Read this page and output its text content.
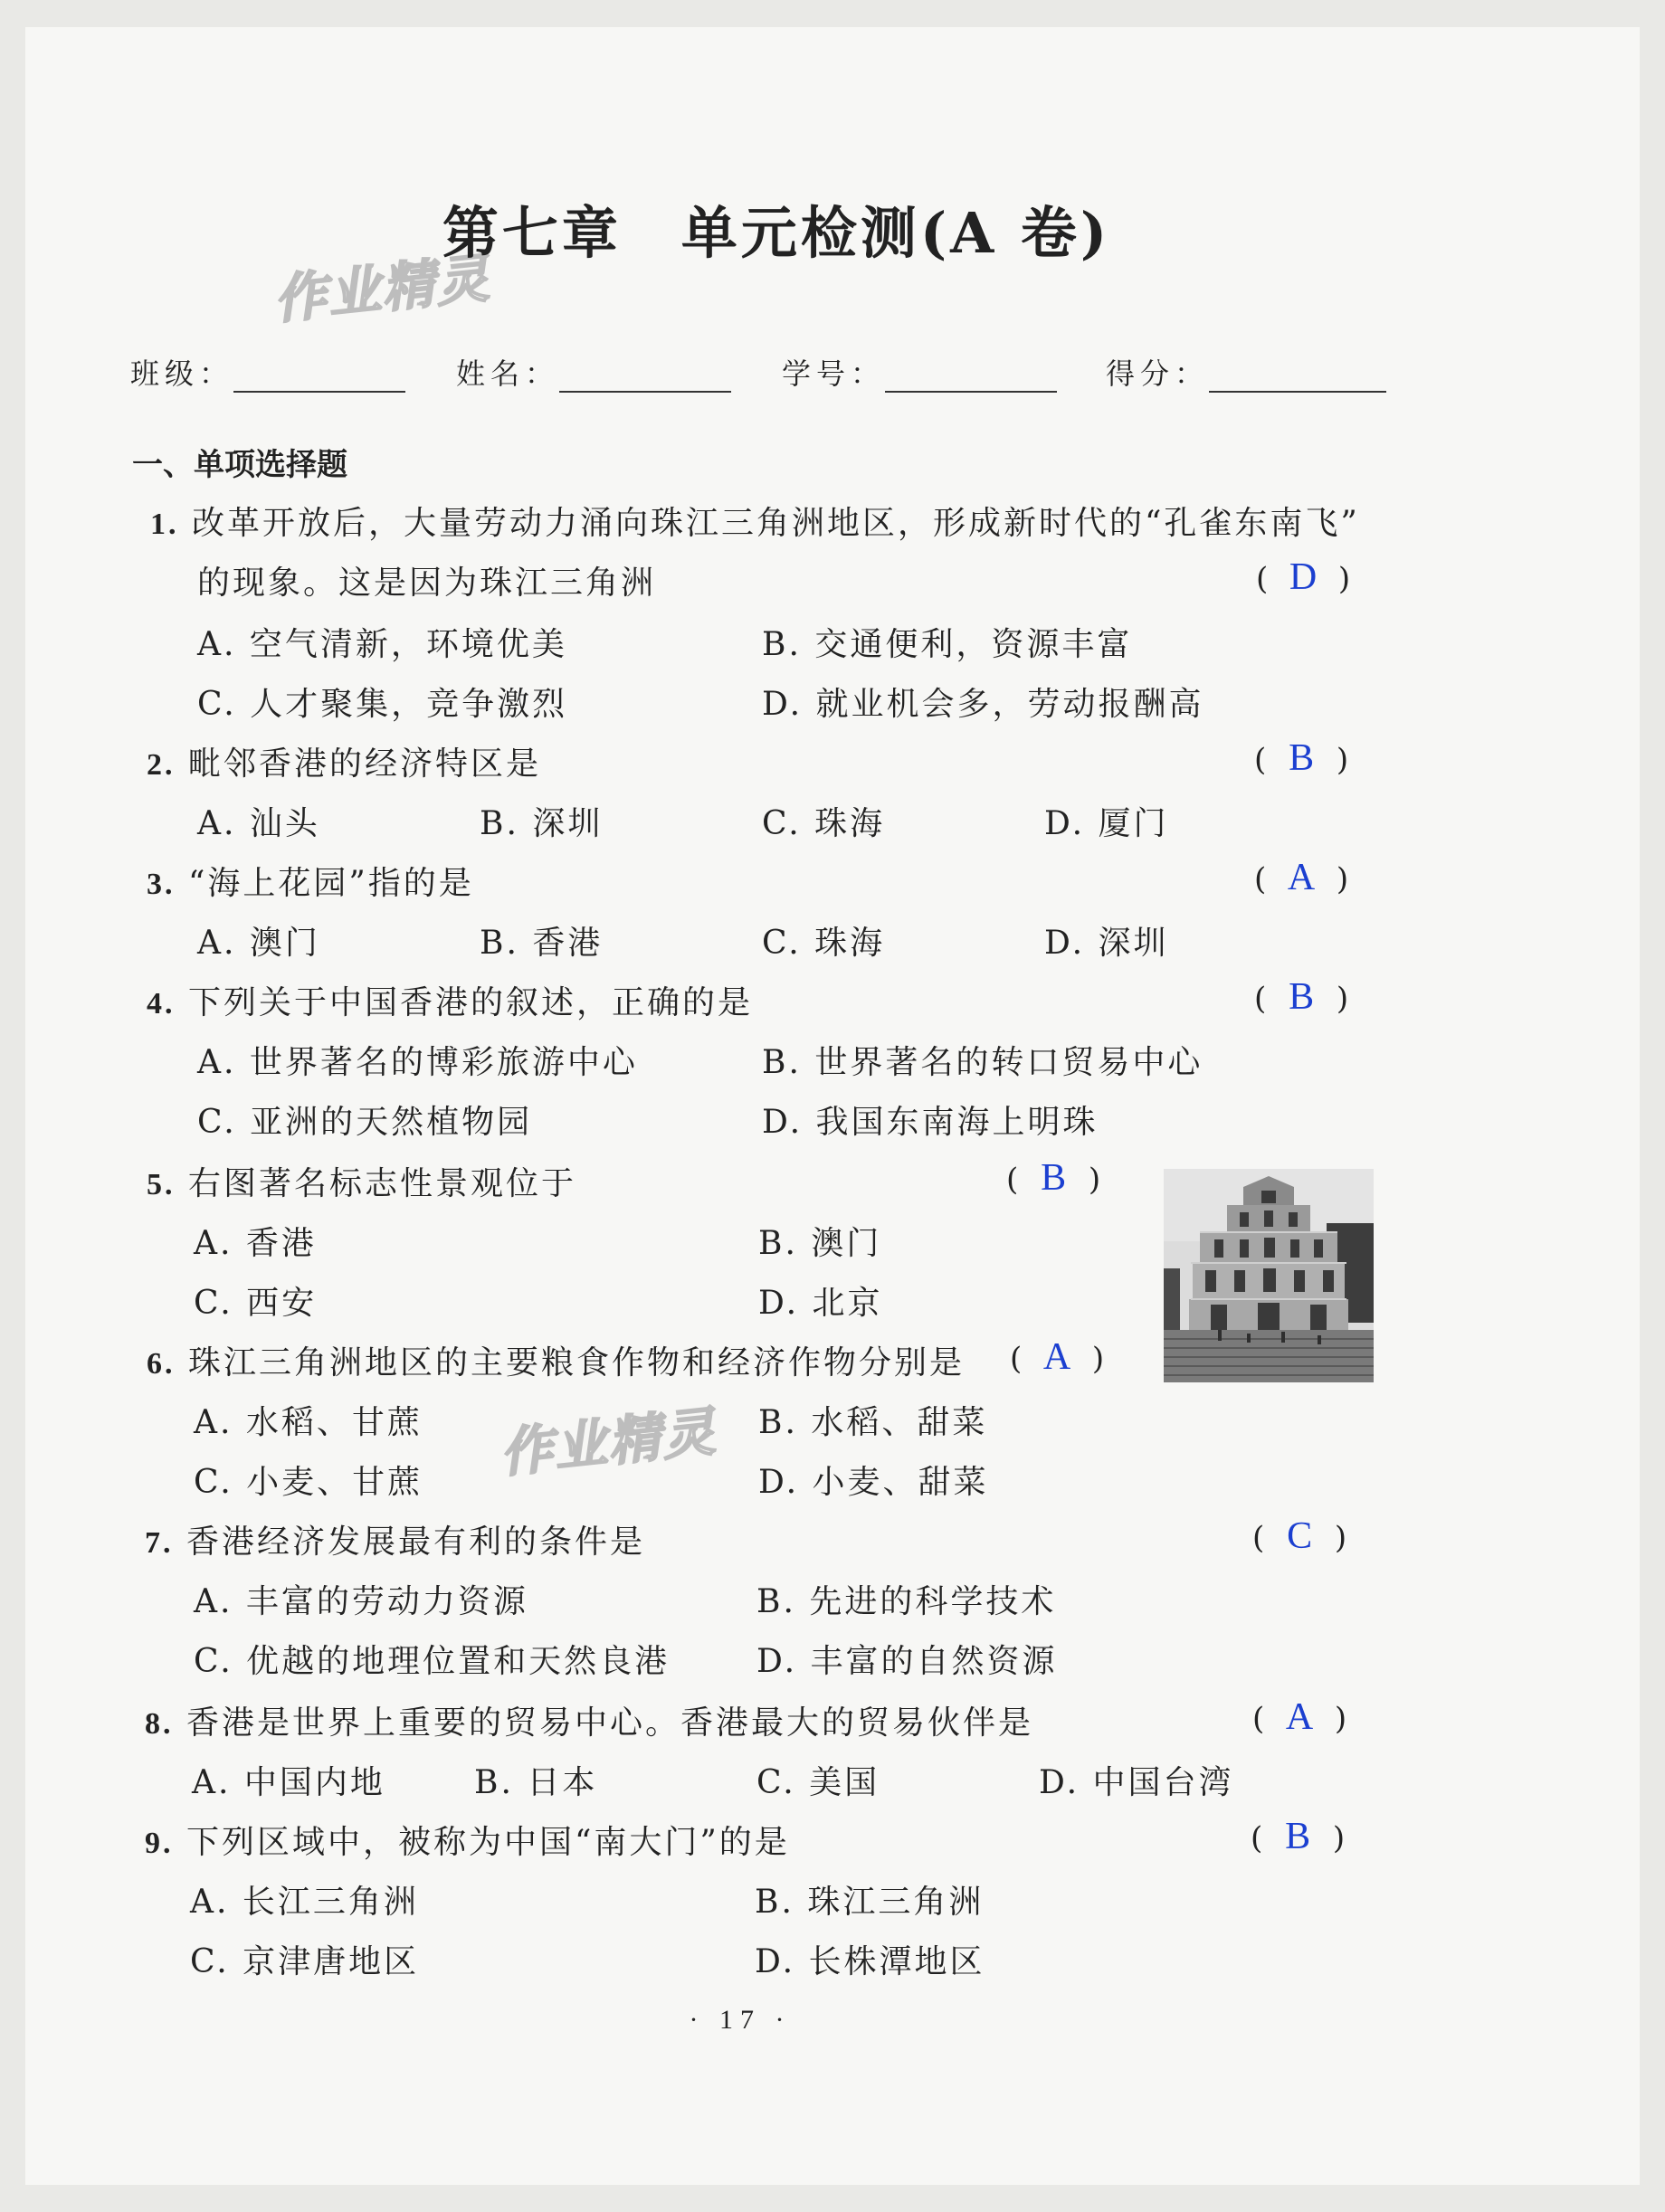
作业精灵
作业精灵
第七章　单元检测(A 卷)
班级：	姓名：	学号：	得分：
一、单项选择题
1. 改革开放后，大量劳动力涌向珠江三角洲地区，形成新时代的“孔雀东南飞”
的现象。这是因为珠江三角洲	( D )
A. 空气清新，环境优美	B. 交通便利，资源丰富
C. 人才聚集，竞争激烈	D. 就业机会多，劳动报酬高
2. 毗邻香港的经济特区是	( B )
A. 汕头	B. 深圳	C. 珠海	D. 厦门
3. “海上花园”指的是	( A )
A. 澳门	B. 香港	C. 珠海	D. 深圳
4. 下列关于中国香港的叙述，正确的是	( B )
A. 世界著名的博彩旅游中心	B. 世界著名的转口贸易中心
C. 亚洲的天然植物园	D. 我国东南海上明珠
5. 右图著名标志性景观位于	( B )
A. 香港	B. 澳门
C. 西安	D. 北京
6. 珠江三角洲地区的主要粮食作物和经济作物分别是 ( A )
A. 水稻、甘蔗	B. 水稻、甜菜
C. 小麦、甘蔗	D. 小麦、甜菜
7. 香港经济发展最有利的条件是	( C )
A. 丰富的劳动力资源	B. 先进的科学技术
C. 优越的地理位置和天然良港	D. 丰富的自然资源
8. 香港是世界上重要的贸易中心。香港最大的贸易伙伴是	( A )
A. 中国内地	B. 日本	C. 美国	D. 中国台湾
9. 下列区域中，被称为中国“南大门”的是	( B )
A. 长江三角洲	B. 珠江三角洲
C. 京津唐地区	D. 长株潭地区
· 17 ·
